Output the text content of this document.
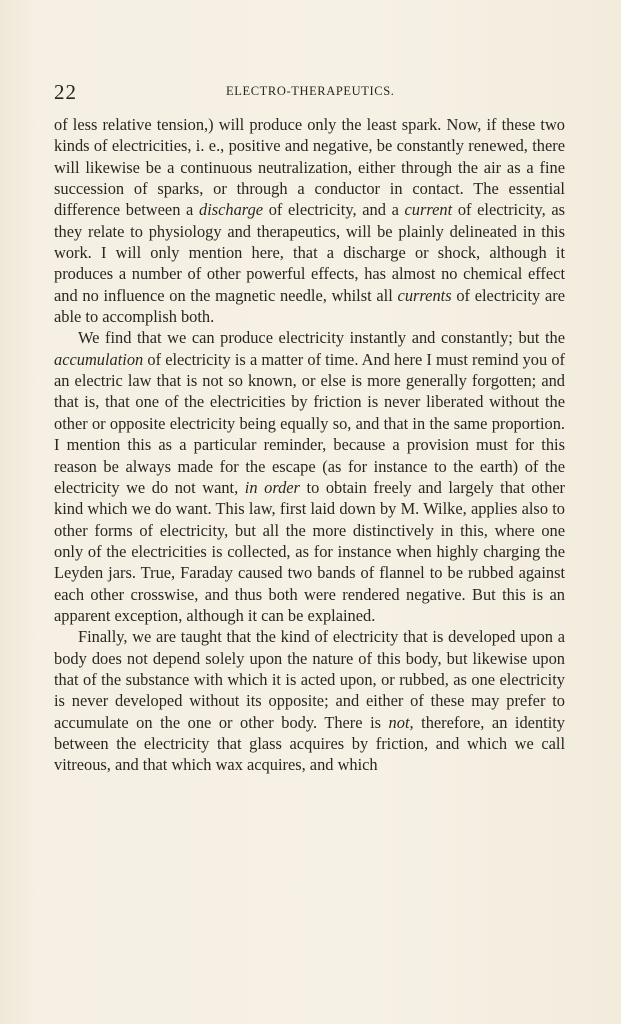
22	ELECTRO-THERAPEUTICS.

of less relative tension,) will produce only the least spark. Now, if these two kinds of electricities, i. e., positive and negative, be constantly renewed, there will likewise be a continuous neutralization, either through the air as a fine succession of sparks, or through a conductor in contact. The essential difference between a discharge of electricity, and a current of electricity, as they relate to physiology and therapeutics, will be plainly delineated in this work. I will only mention here, that a discharge or shock, although it produces a number of other powerful effects, has almost no chemical effect and no influence on the magnetic needle, whilst all currents of electricity are able to accomplish both.

We find that we can produce electricity instantly and constantly; but the accumulation of electricity is a matter of time. And here I must remind you of an electric law that is not so known, or else is more generally forgotten; and that is, that one of the electricities by friction is never liberated without the other or opposite electricity being equally so, and that in the same proportion. I mention this as a particular reminder, because a provision must for this reason be always made for the escape (as for instance to the earth) of the electricity we do not want, in order to obtain freely and largely that other kind which we do want. This law, first laid down by M. Wilke, applies also to other forms of electricity, but all the more distinctively in this, where one only of the electricities is collected, as for instance when highly charging the Leyden jars. True, Faraday caused two bands of flannel to be rubbed against each other crosswise, and thus both were rendered negative. But this is an apparent exception, although it can be explained.

Finally, we are taught that the kind of electricity that is developed upon a body does not depend solely upon the nature of this body, but likewise upon that of the substance with which it is acted upon, or rubbed, as one electricity is never developed without its opposite; and either of these may prefer to accumulate on the one or other body. There is not, therefore, an identity between the electricity that glass acquires by friction, and which we call vitreous, and that which wax acquires, and which
